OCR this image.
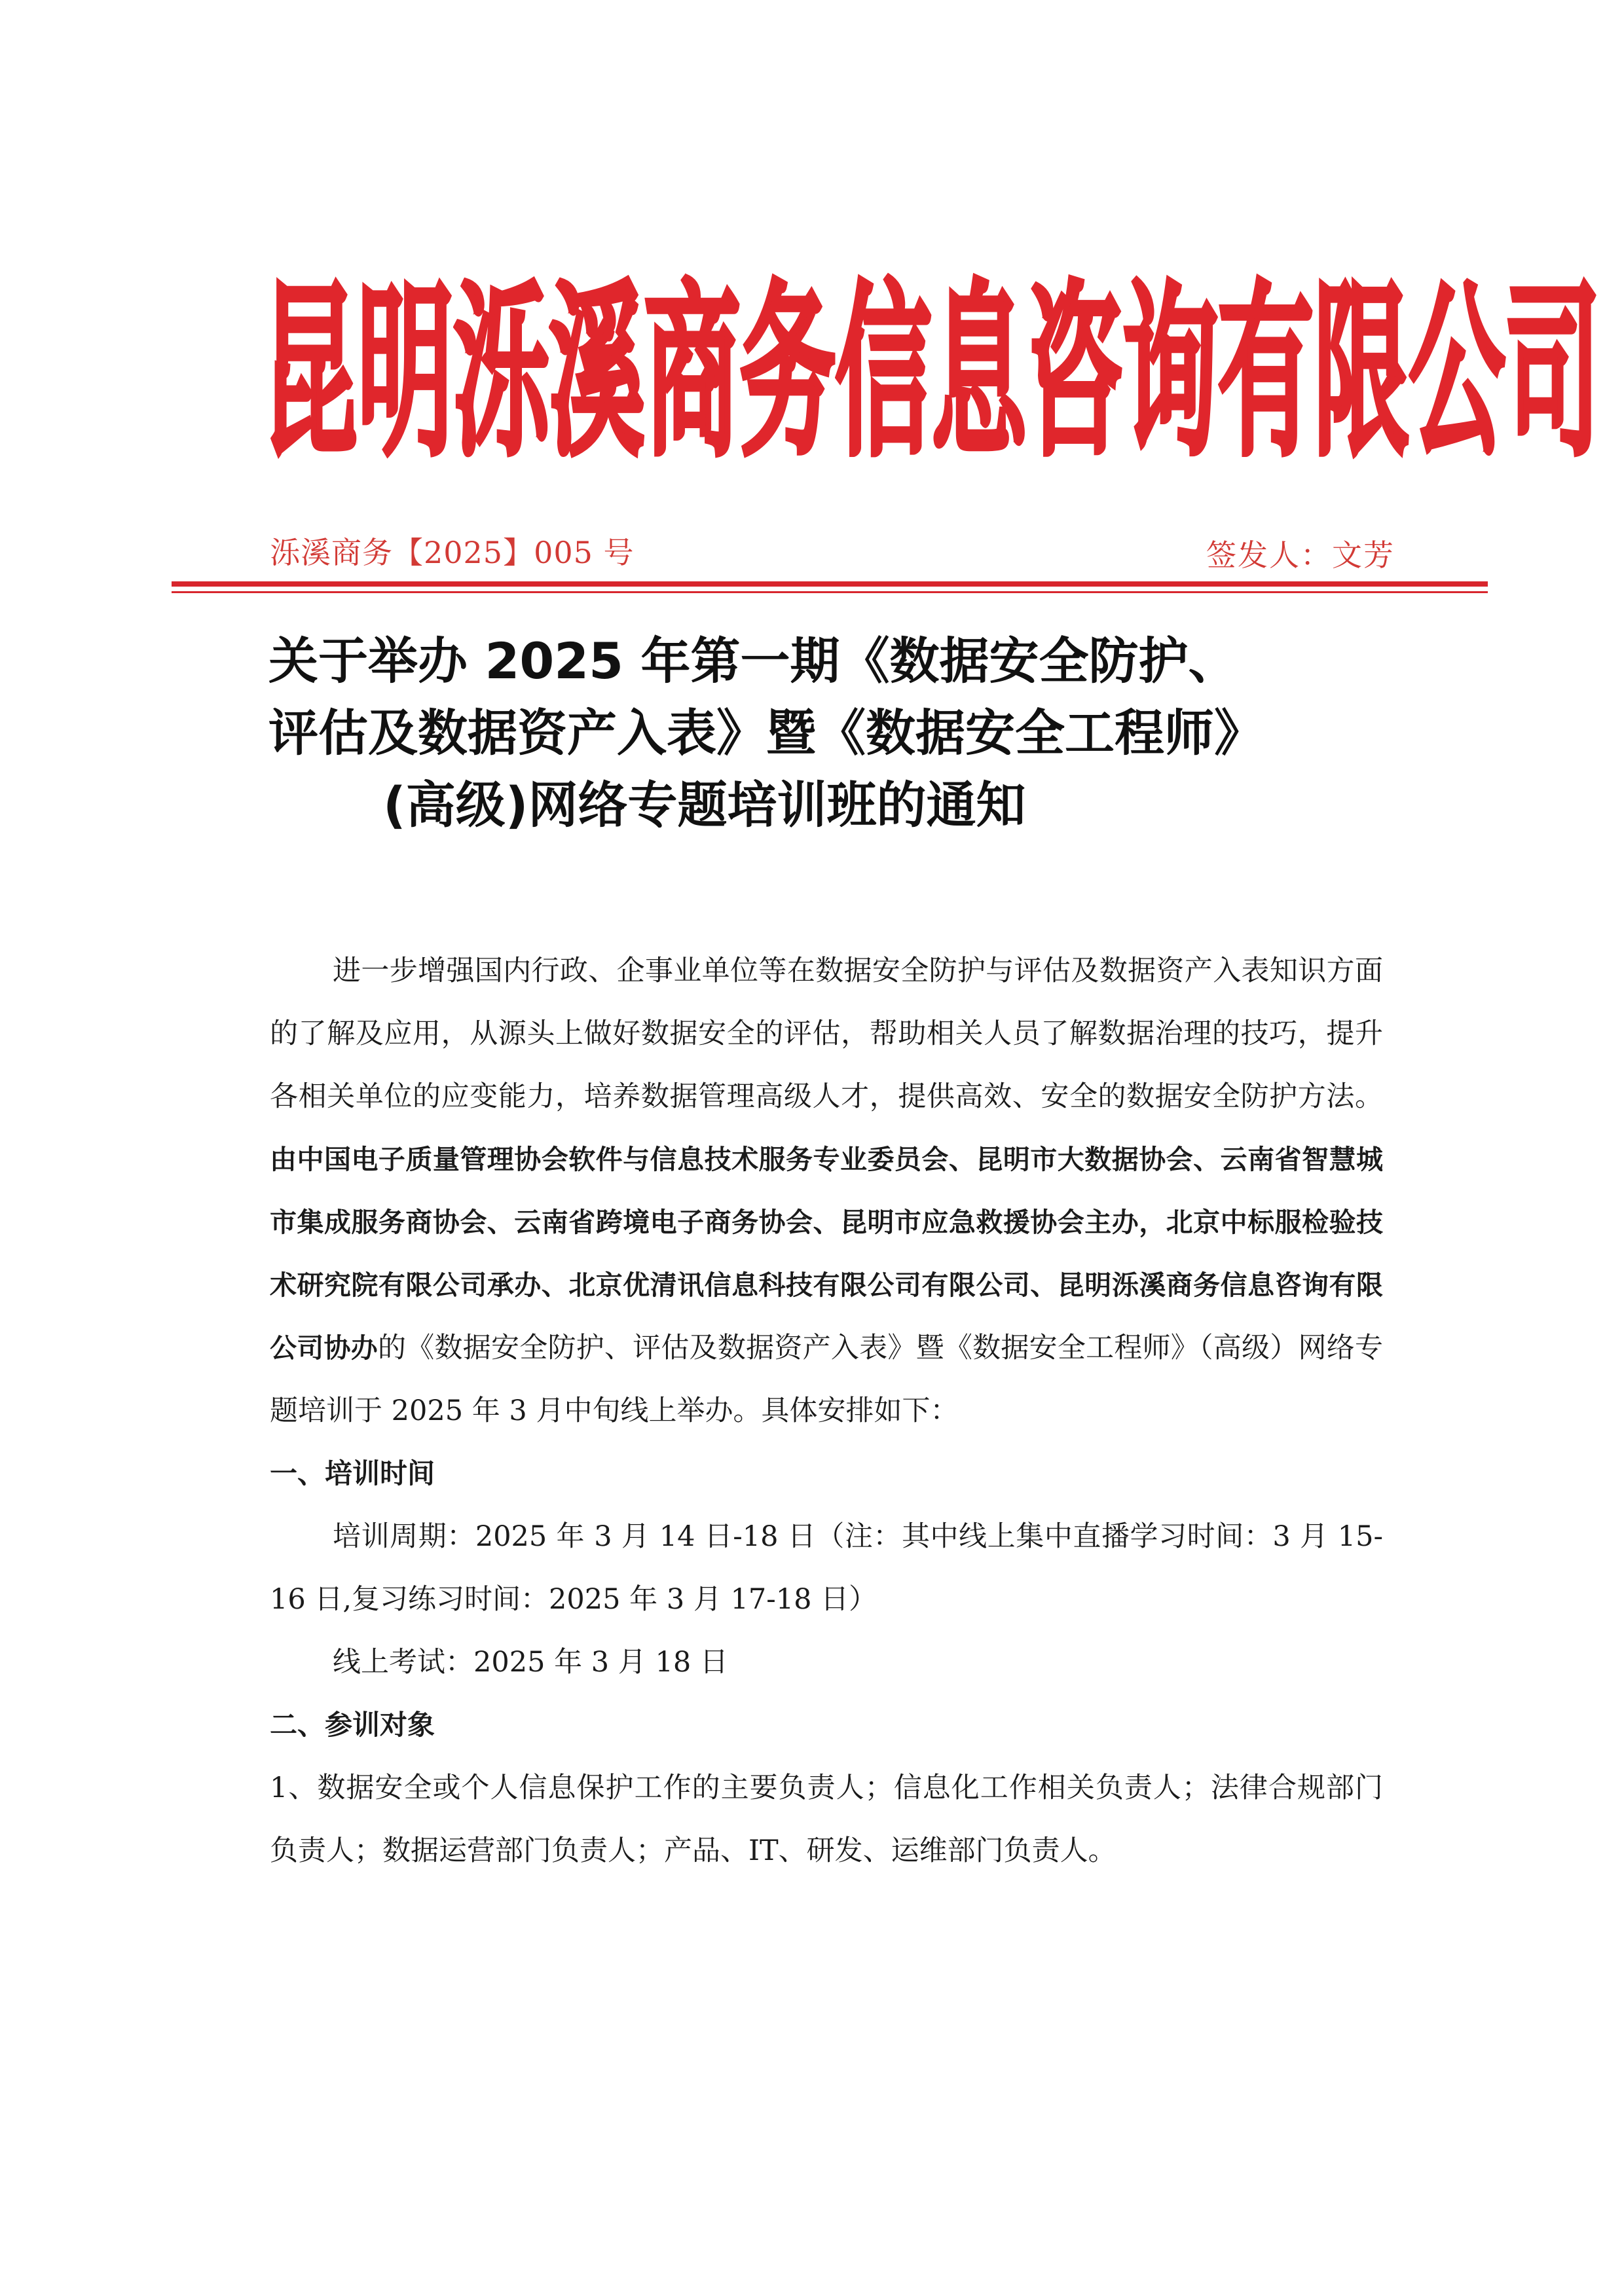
昆 明 泺 溪 商 务 信 息 咨 询 有 限 公 司
泺溪商务【2025】005 号	签发人：文芳
关于举办 2025 年第一期《数据安全防护、
评估及数据资产入表》暨《数据安全工程师》
(高级)网络专题培训班的通知

进一步增强国内行政、企事业单位等在数据安全防护与评估及数据资产入表知识方面的了解及应用，从源头上做好数据安全的评估，帮助相关人员了解数据治理的技巧，提升各相关单位的应变能力，培养数据管理高级人才，提供高效、安全的数据安全防护方法。由中国电子质量管理协会软件与信息技术服务专业委员会、昆明市大数据协会、云南省智慧城市集成服务商协会、云南省跨境电子商务协会、昆明市应急救援协会主办，北京中标服检验技术研究院有限公司承办、北京优清讯信息科技有限公司有限公司、昆明泺溪商务信息咨询有限公司协办的《数据安全防护、评估及数据资产入表》暨《数据安全工程师》（高级）网络专题培训于 2025 年 3 月中旬线上举办。具体安排如下：

一、培训时间

培训周期：2025 年 3 月 14 日-18 日（注：其中线上集中直播学习时间：3 月 15-16 日,复习练习时间：2025 年 3 月 17-18 日）

线上考试：2025 年 3 月 18 日

二、参训对象

1、数据安全或个人信息保护工作的主要负责人；信息化工作相关负责人；法律合规部门负责人；数据运营部门负责人；产品、IT、研发、运维部门负责人。
